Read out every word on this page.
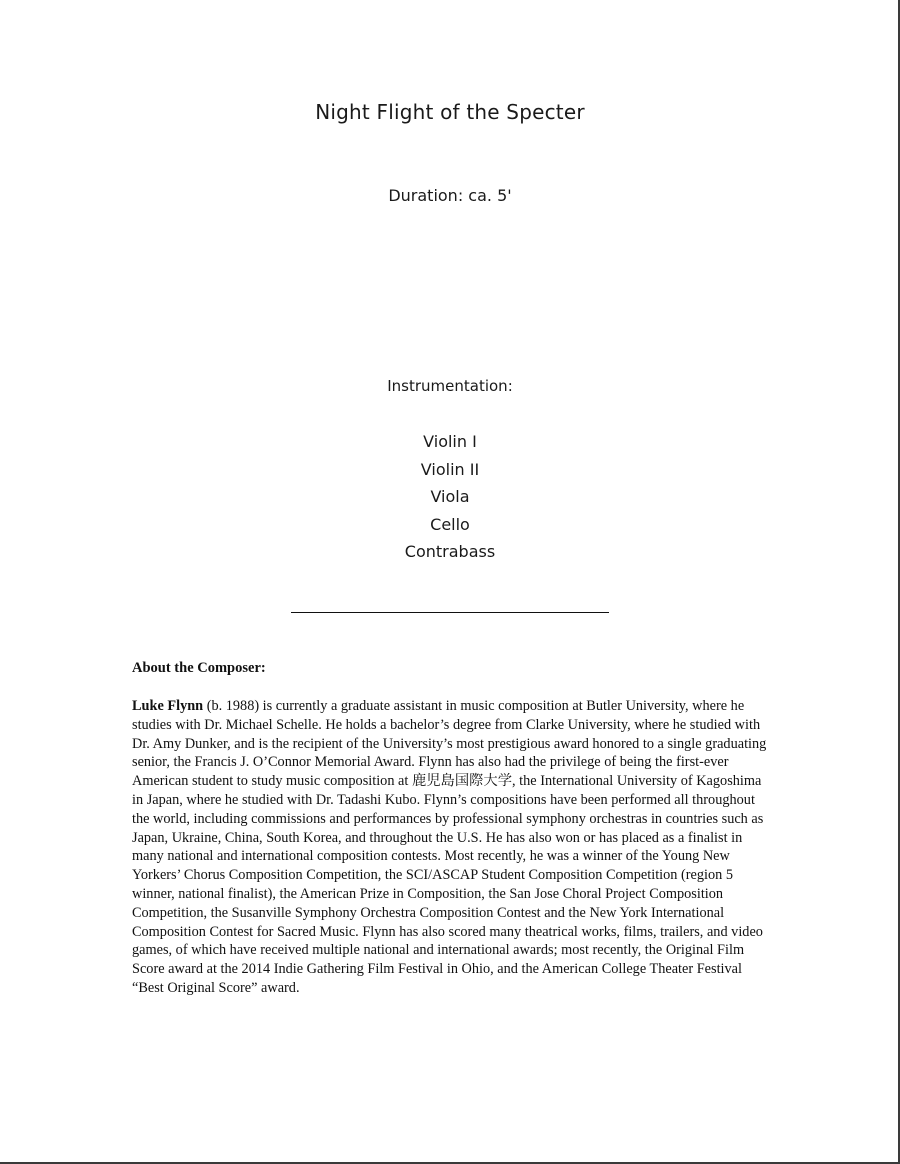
Night Flight of the Specter
Duration: ca. 5'
Instrumentation:
Violin I
Violin II
Viola
Cello
Contrabass
About the Composer:

Luke Flynn (b. 1988) is currently a graduate assistant in music composition at Butler University, where he studies with Dr. Michael Schelle. He holds a bachelor’s degree from Clarke University, where he studied with Dr. Amy Dunker, and is the recipient of the University’s most prestigious award honored to a single graduating senior, the Francis J. O’Connor Memorial Award. Flynn has also had the privilege of being the first-ever American student to study music composition at 鹿児島国際大学, the International University of Kagoshima in Japan, where he studied with Dr. Tadashi Kubo. Flynn’s compositions have been performed all throughout the world, including commissions and performances by professional symphony orchestras in countries such as Japan, Ukraine, China, South Korea, and throughout the U.S. He has also won or has placed as a finalist in many national and international composition contests. Most recently, he was a winner of the Young New Yorkers’ Chorus Composition Competition, the SCI/ASCAP Student Composition Competition (region 5 winner, national finalist), the American Prize in Composition, the San Jose Choral Project Composition Competition, the Susanville Symphony Orchestra Composition Contest and the New York International Composition Contest for Sacred Music. Flynn has also scored many theatrical works, films, trailers, and video games, of which have received multiple national and international awards; most recently, the Original Film Score award at the 2014 Indie Gathering Film Festival in Ohio, and the American College Theater Festival “Best Original Score” award.
